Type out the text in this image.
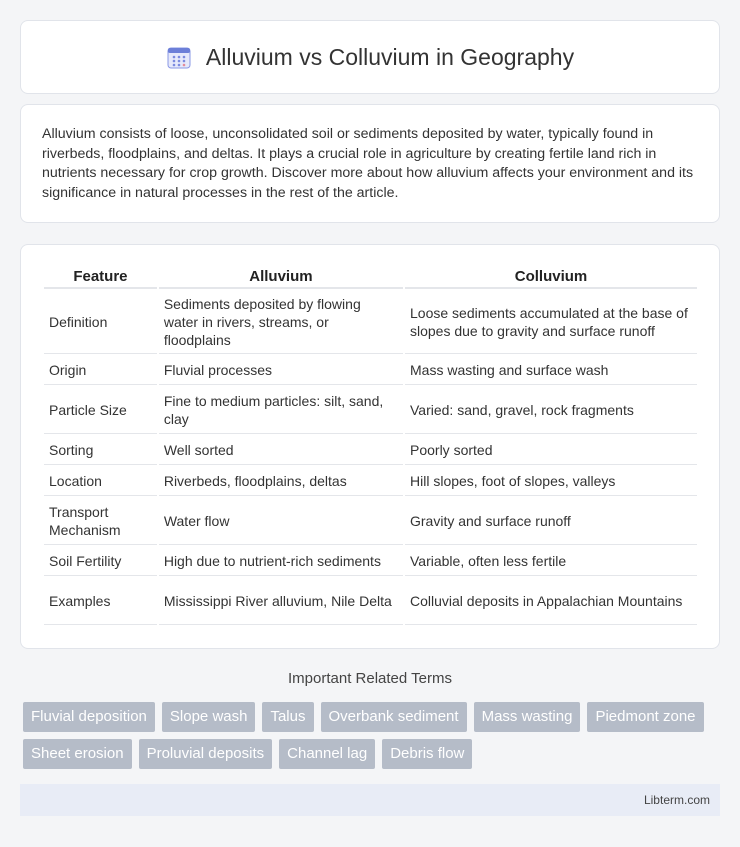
Alluvium vs Colluvium in Geography

Alluvium consists of loose, unconsolidated soil or sediments deposited by water, typically found in riverbeds, floodplains, and deltas. It plays a crucial role in agriculture by creating fertile land rich in nutrients necessary for crop growth. Discover more about how alluvium affects your environment and its significance in natural processes in the rest of the article.

Feature	Alluvium	Colluvium
Definition	Sediments deposited by flowing water in rivers, streams, or floodplains	Loose sediments accumulated at the base of slopes due to gravity and surface runoff
Origin	Fluvial processes	Mass wasting and surface wash
Particle Size	Fine to medium particles: silt, sand, clay	Varied: sand, gravel, rock fragments
Sorting	Well sorted	Poorly sorted
Location	Riverbeds, floodplains, deltas	Hill slopes, foot of slopes, valleys
Transport Mechanism	Water flow	Gravity and surface runoff
Soil Fertility	High due to nutrient-rich sediments	Variable, often less fertile
Examples	Mississippi River alluvium, Nile Delta	Colluvial deposits in Appalachian Mountains
Important Related Terms
Fluvial deposition	Slope wash	Talus	Overbank sediment	Mass wasting	Piedmont zone
Sheet erosion	Proluvial deposits	Channel lag	Debris flow
Libterm.com
